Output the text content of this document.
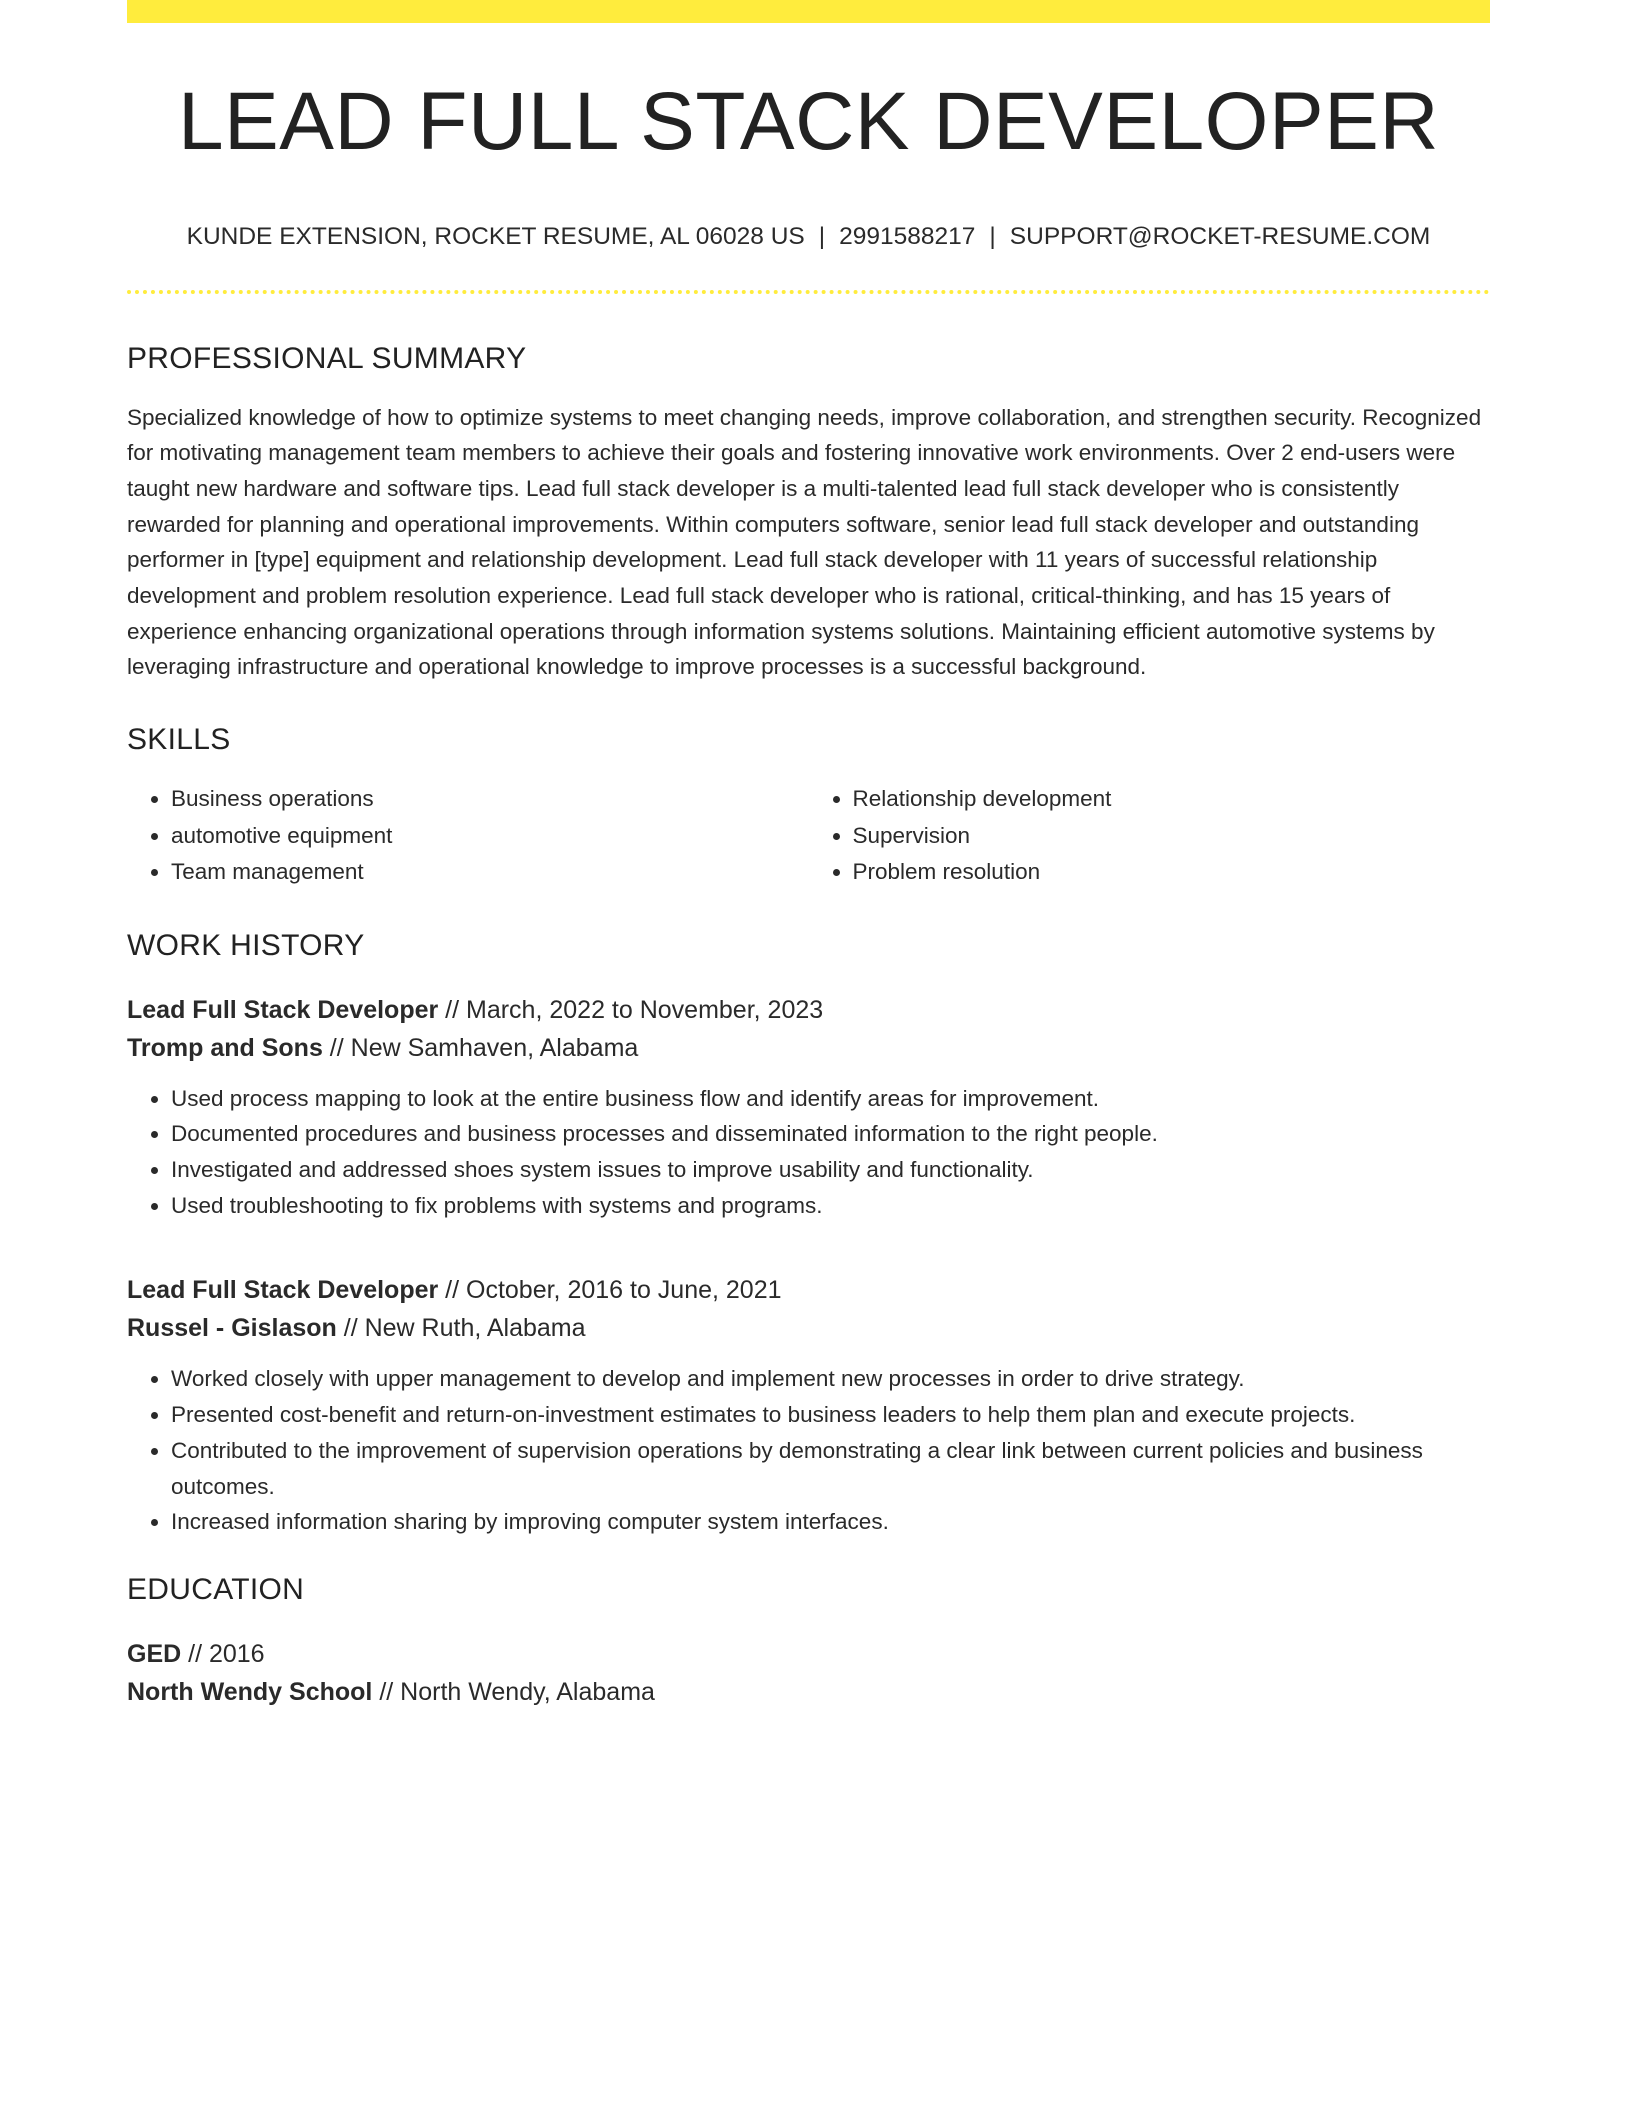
LEAD FULL STACK DEVELOPER
KUNDE EXTENSION, ROCKET RESUME, AL 06028 US | 2991588217 | SUPPORT@ROCKET-RESUME.COM
PROFESSIONAL SUMMARY
Specialized knowledge of how to optimize systems to meet changing needs, improve collaboration, and strengthen security. Recognized for motivating management team members to achieve their goals and fostering innovative work environments. Over 2 end-users were taught new hardware and software tips. Lead full stack developer is a multi-talented lead full stack developer who is consistently rewarded for planning and operational improvements. Within computers software, senior lead full stack developer and outstanding performer in [type] equipment and relationship development. Lead full stack developer with 11 years of successful relationship development and problem resolution experience. Lead full stack developer who is rational, critical-thinking, and has 15 years of experience enhancing organizational operations through information systems solutions. Maintaining efficient automotive systems by leveraging infrastructure and operational knowledge to improve processes is a successful background.
SKILLS
• Business operations
• automotive equipment
• Team management
• Relationship development
• Supervision
• Problem resolution
WORK HISTORY
Lead Full Stack Developer // March, 2022 to November, 2023
Tromp and Sons // New Samhaven, Alabama
• Used process mapping to look at the entire business flow and identify areas for improvement.
• Documented procedures and business processes and disseminated information to the right people.
• Investigated and addressed shoes system issues to improve usability and functionality.
• Used troubleshooting to fix problems with systems and programs.
Lead Full Stack Developer // October, 2016 to June, 2021
Russel - Gislason // New Ruth, Alabama
• Worked closely with upper management to develop and implement new processes in order to drive strategy.
• Presented cost-benefit and return-on-investment estimates to business leaders to help them plan and execute projects.
• Contributed to the improvement of supervision operations by demonstrating a clear link between current policies and business outcomes.
• Increased information sharing by improving computer system interfaces.
EDUCATION
GED // 2016
North Wendy School // North Wendy, Alabama
